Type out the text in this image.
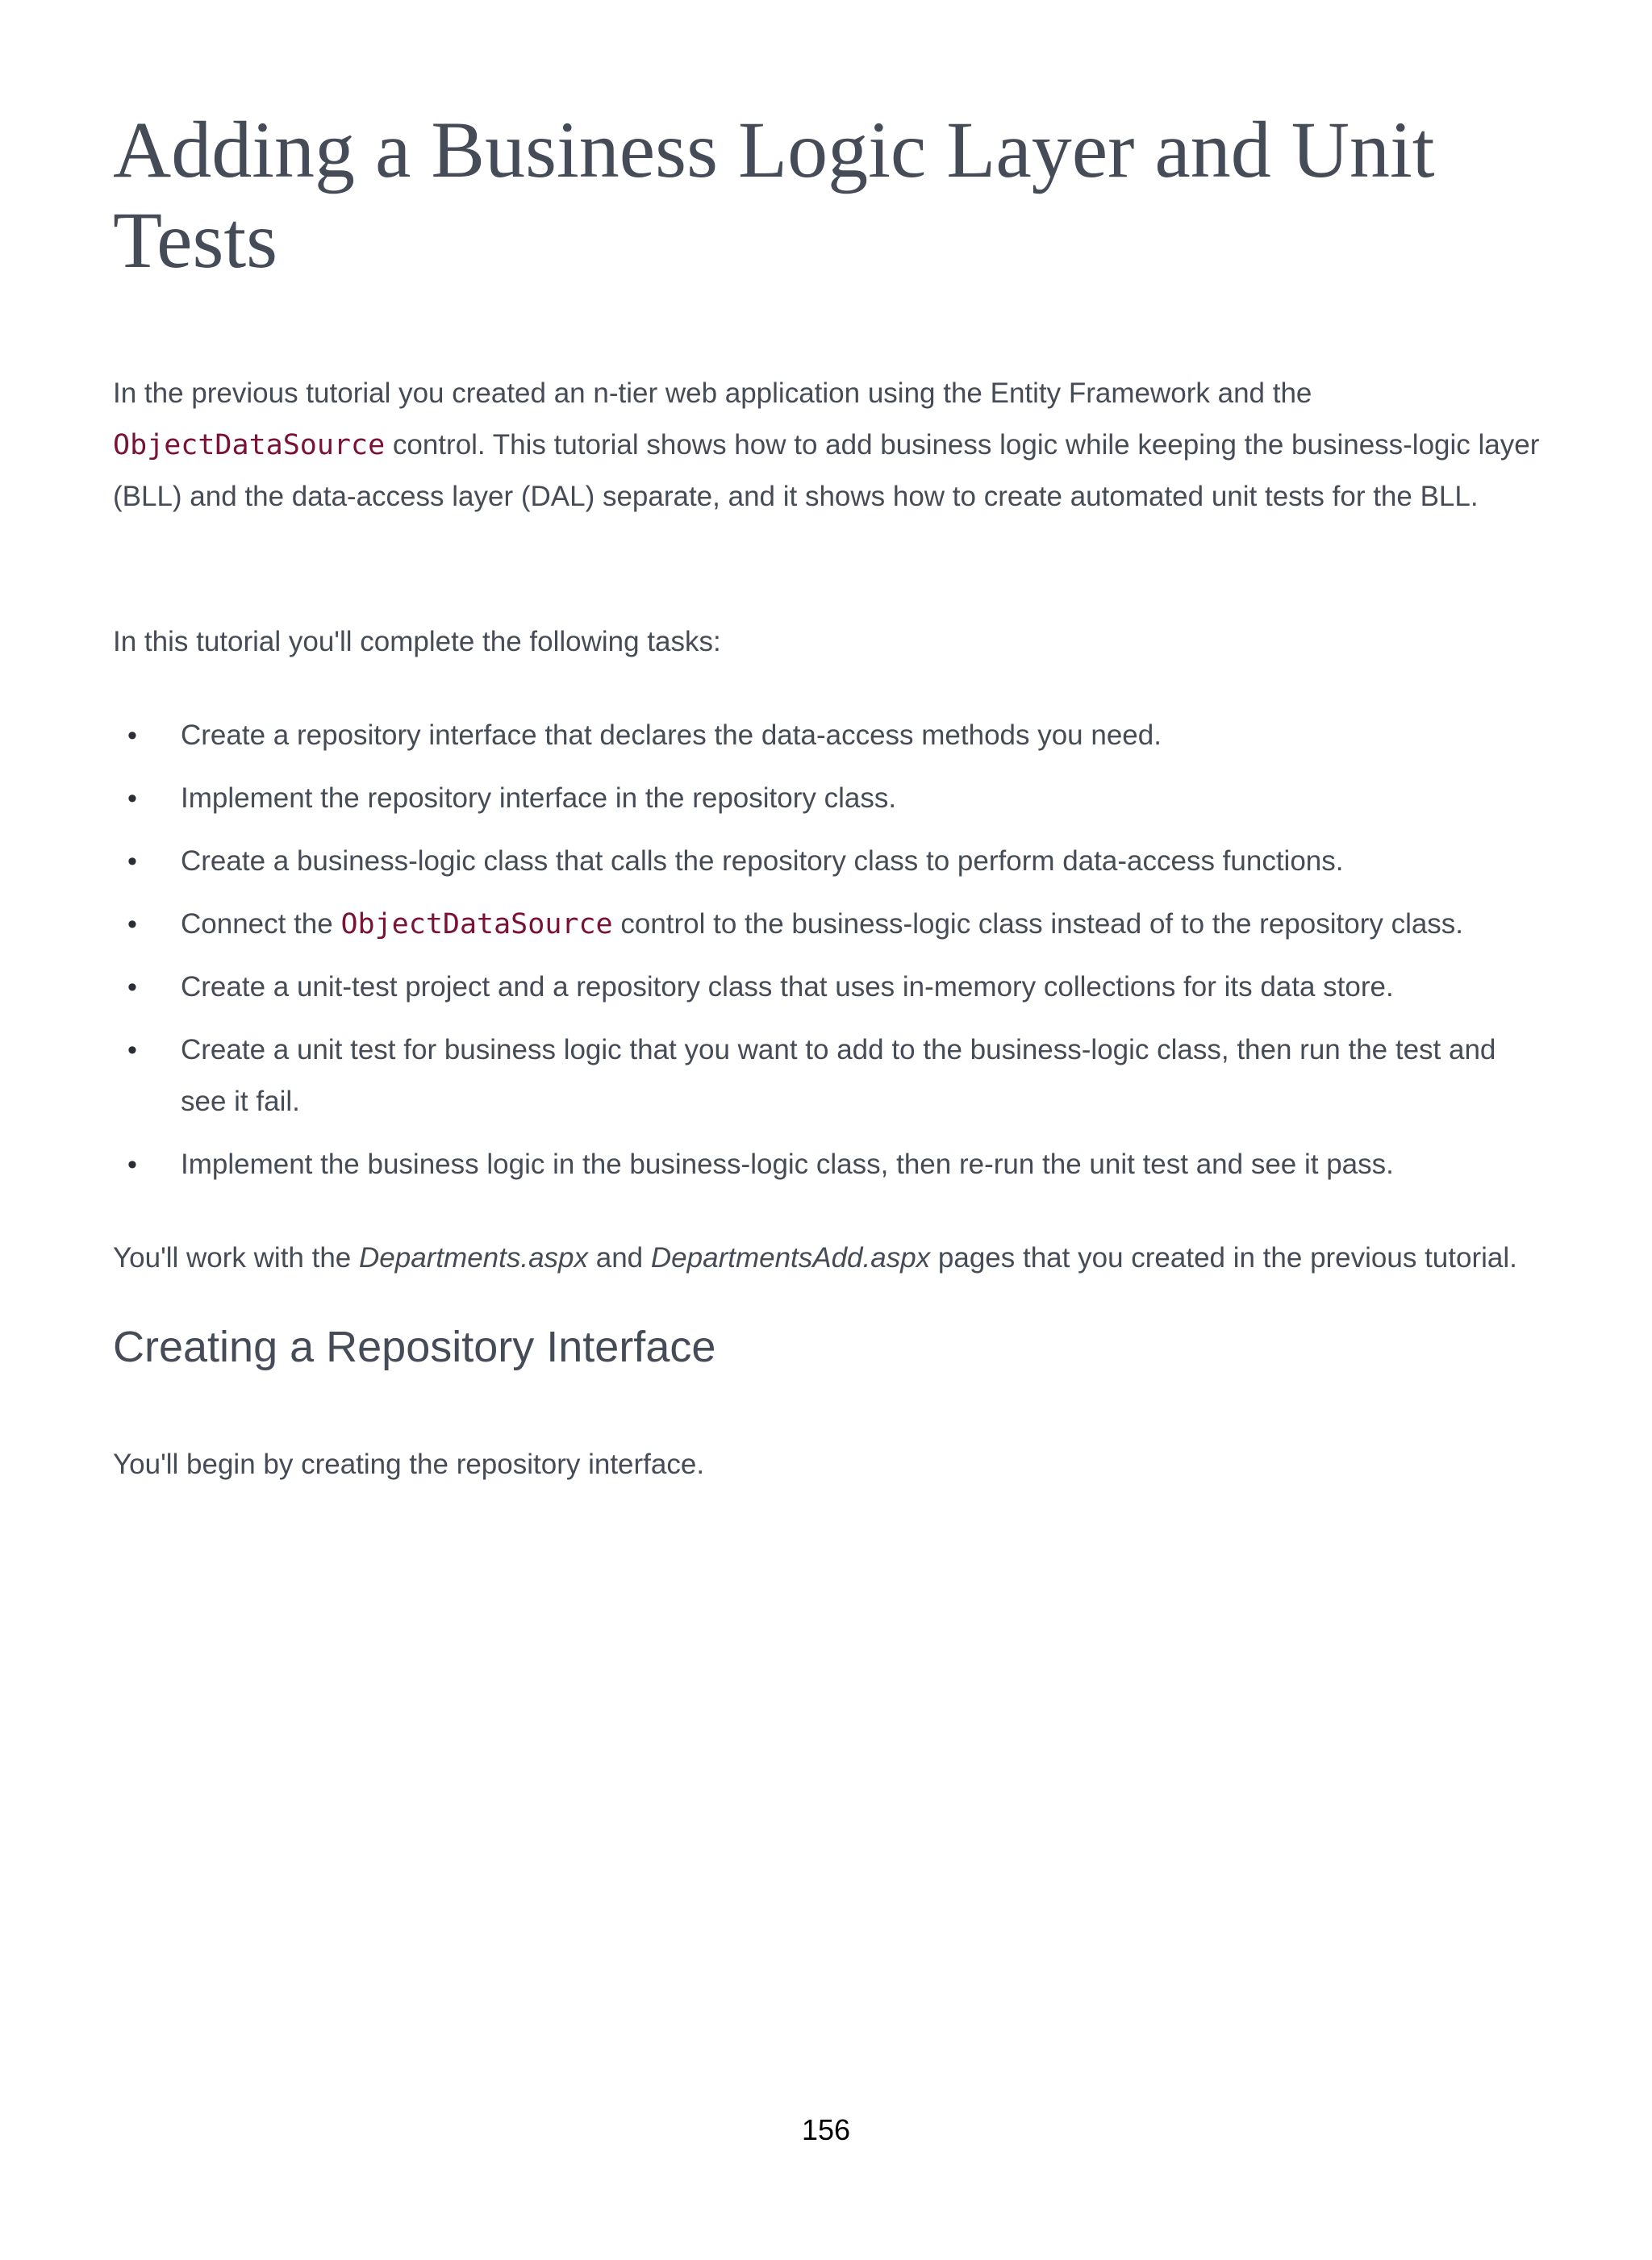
Adding a Business Logic Layer and Unit Tests

In the previous tutorial you created an n-tier web application using the Entity Framework and the ObjectDataSource control. This tutorial shows how to add business logic while keeping the business-logic layer (BLL) and the data-access layer (DAL) separate, and it shows how to create automated unit tests for the BLL.

In this tutorial you'll complete the following tasks:

• Create a repository interface that declares the data-access methods you need.
• Implement the repository interface in the repository class.
• Create a business-logic class that calls the repository class to perform data-access functions.
• Connect the ObjectDataSource control to the business-logic class instead of to the repository class.
• Create a unit-test project and a repository class that uses in-memory collections for its data store.
• Create a unit test for business logic that you want to add to the business-logic class, then run the test and see it fail.
• Implement the business logic in the business-logic class, then re-run the unit test and see it pass.

You'll work with the Departments.aspx and DepartmentsAdd.aspx pages that you created in the previous tutorial.

Creating a Repository Interface

You'll begin by creating the repository interface.

156
